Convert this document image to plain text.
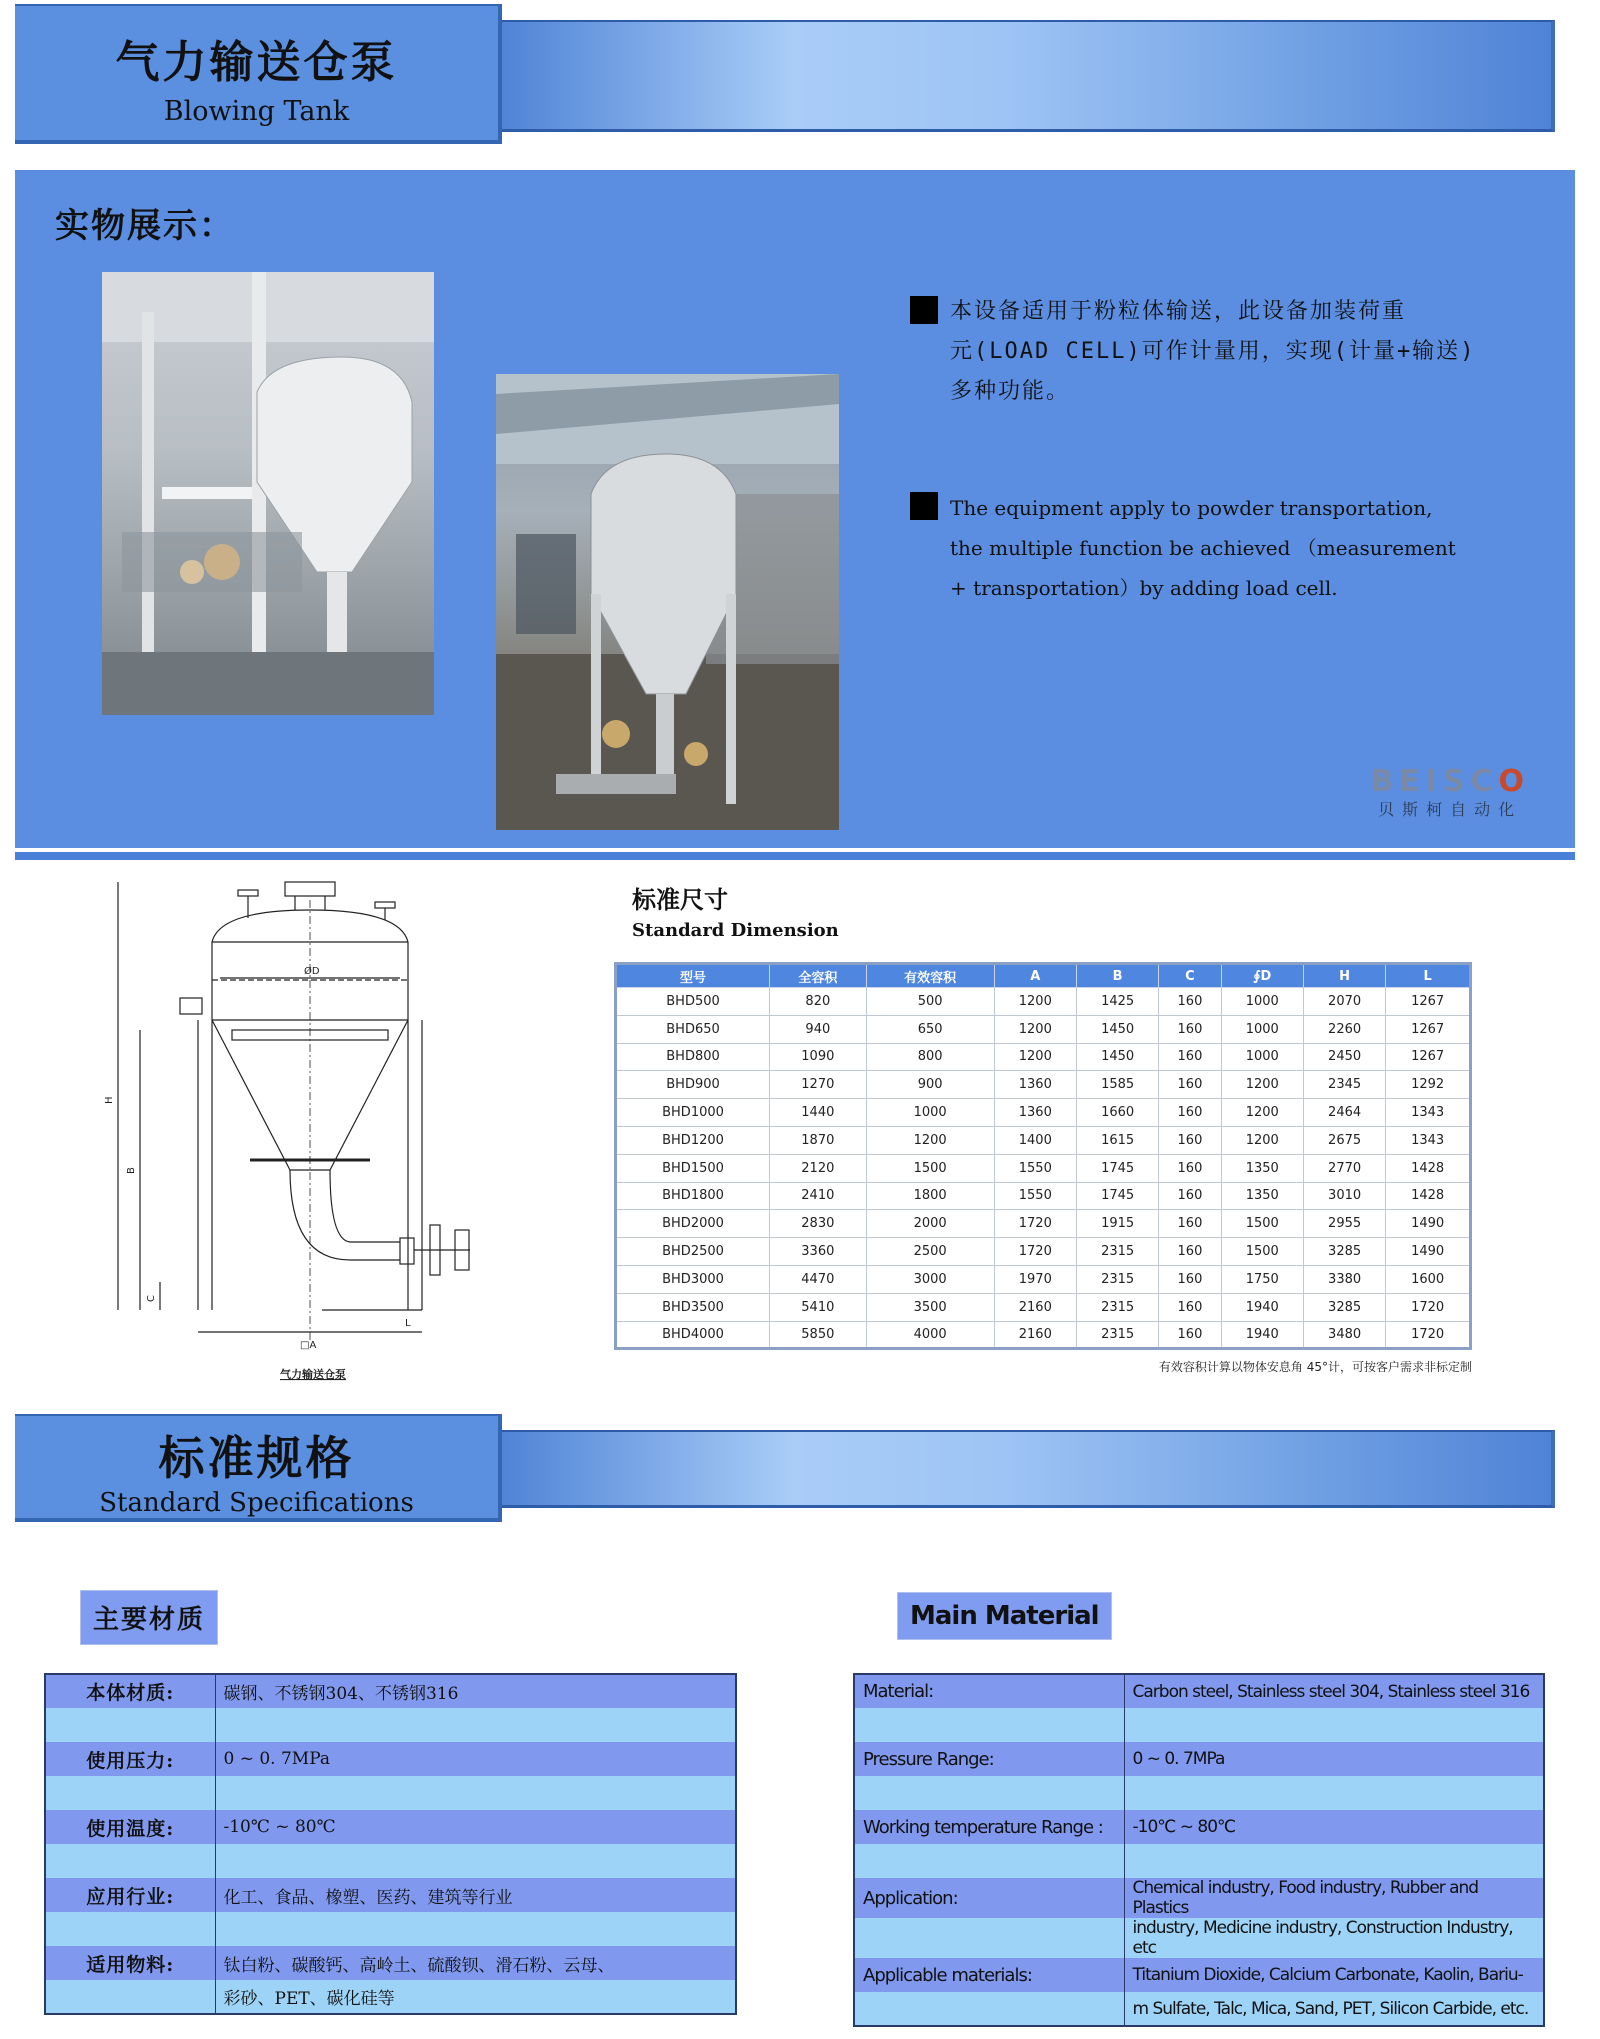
气力输送仓泵
Blowing Tank
实物展示：
本设备适用于粉粒体输送，此设备加装荷重
元(LOAD CELL)可作计量用，实现(计量+输送)
多种功能。
The equipment apply to powder transportation,
the multiple function be achieved （measurement
+ transportation）by adding load cell.
BEISCO
贝斯柯自动化
ØD
H
B
C
□A
L
气力输送仓泵
标准尺寸
Standard Dimension
型号	全容积	有效容积	A	B	C	∮D	H	L
BHD500	820	500	1200	1425	160	1000	2070	1267
BHD650	940	650	1200	1450	160	1000	2260	1267
BHD800	1090	800	1200	1450	160	1000	2450	1267
BHD900	1270	900	1360	1585	160	1200	2345	1292
BHD1000	1440	1000	1360	1660	160	1200	2464	1343
BHD1200	1870	1200	1400	1615	160	1200	2675	1343
BHD1500	2120	1500	1550	1745	160	1350	2770	1428
BHD1800	2410	1800	1550	1745	160	1350	3010	1428
BHD2000	2830	2000	1720	1915	160	1500	2955	1490
BHD2500	3360	2500	1720	2315	160	1500	3285	1490
BHD3000	4470	3000	1970	2315	160	1750	3380	1600
BHD3500	5410	3500	2160	2315	160	1940	3285	1720
BHD4000	5850	4000	2160	2315	160	1940	3480	1720
有效容积计算以物体安息角 45°计，可按客户需求非标定制
标准规格
Standard Specifications
主要材质	Main Material
本体材质:	碳钢、不锈钢304、不锈钢316

使用压力:	0 ~ 0. 7MPa

使用温度:	-10℃ ~ 80℃

应用行业:	化工、食品、橡塑、医药、建筑等行业

适用物料:	钛白粉、碳酸钙、高岭土、硫酸钡、滑石粉、云母、
	彩砂、PET、碳化硅等
Material:	Carbon steel, Stainless steel 304, Stainless steel 316

Pressure Range:	0 ~ 0. 7MPa

Working temperature Range :	-10℃ ~ 80℃

Application:	Chemical industry, Food industry, Rubber and Plastics
	industry, Medicine industry, Construction Industry, etc
Applicable materials:	Titanium Dioxide, Calcium Carbonate, Kaolin, Bariu-
	m Sulfate, Talc, Mica, Sand, PET, Silicon Carbide, etc.
